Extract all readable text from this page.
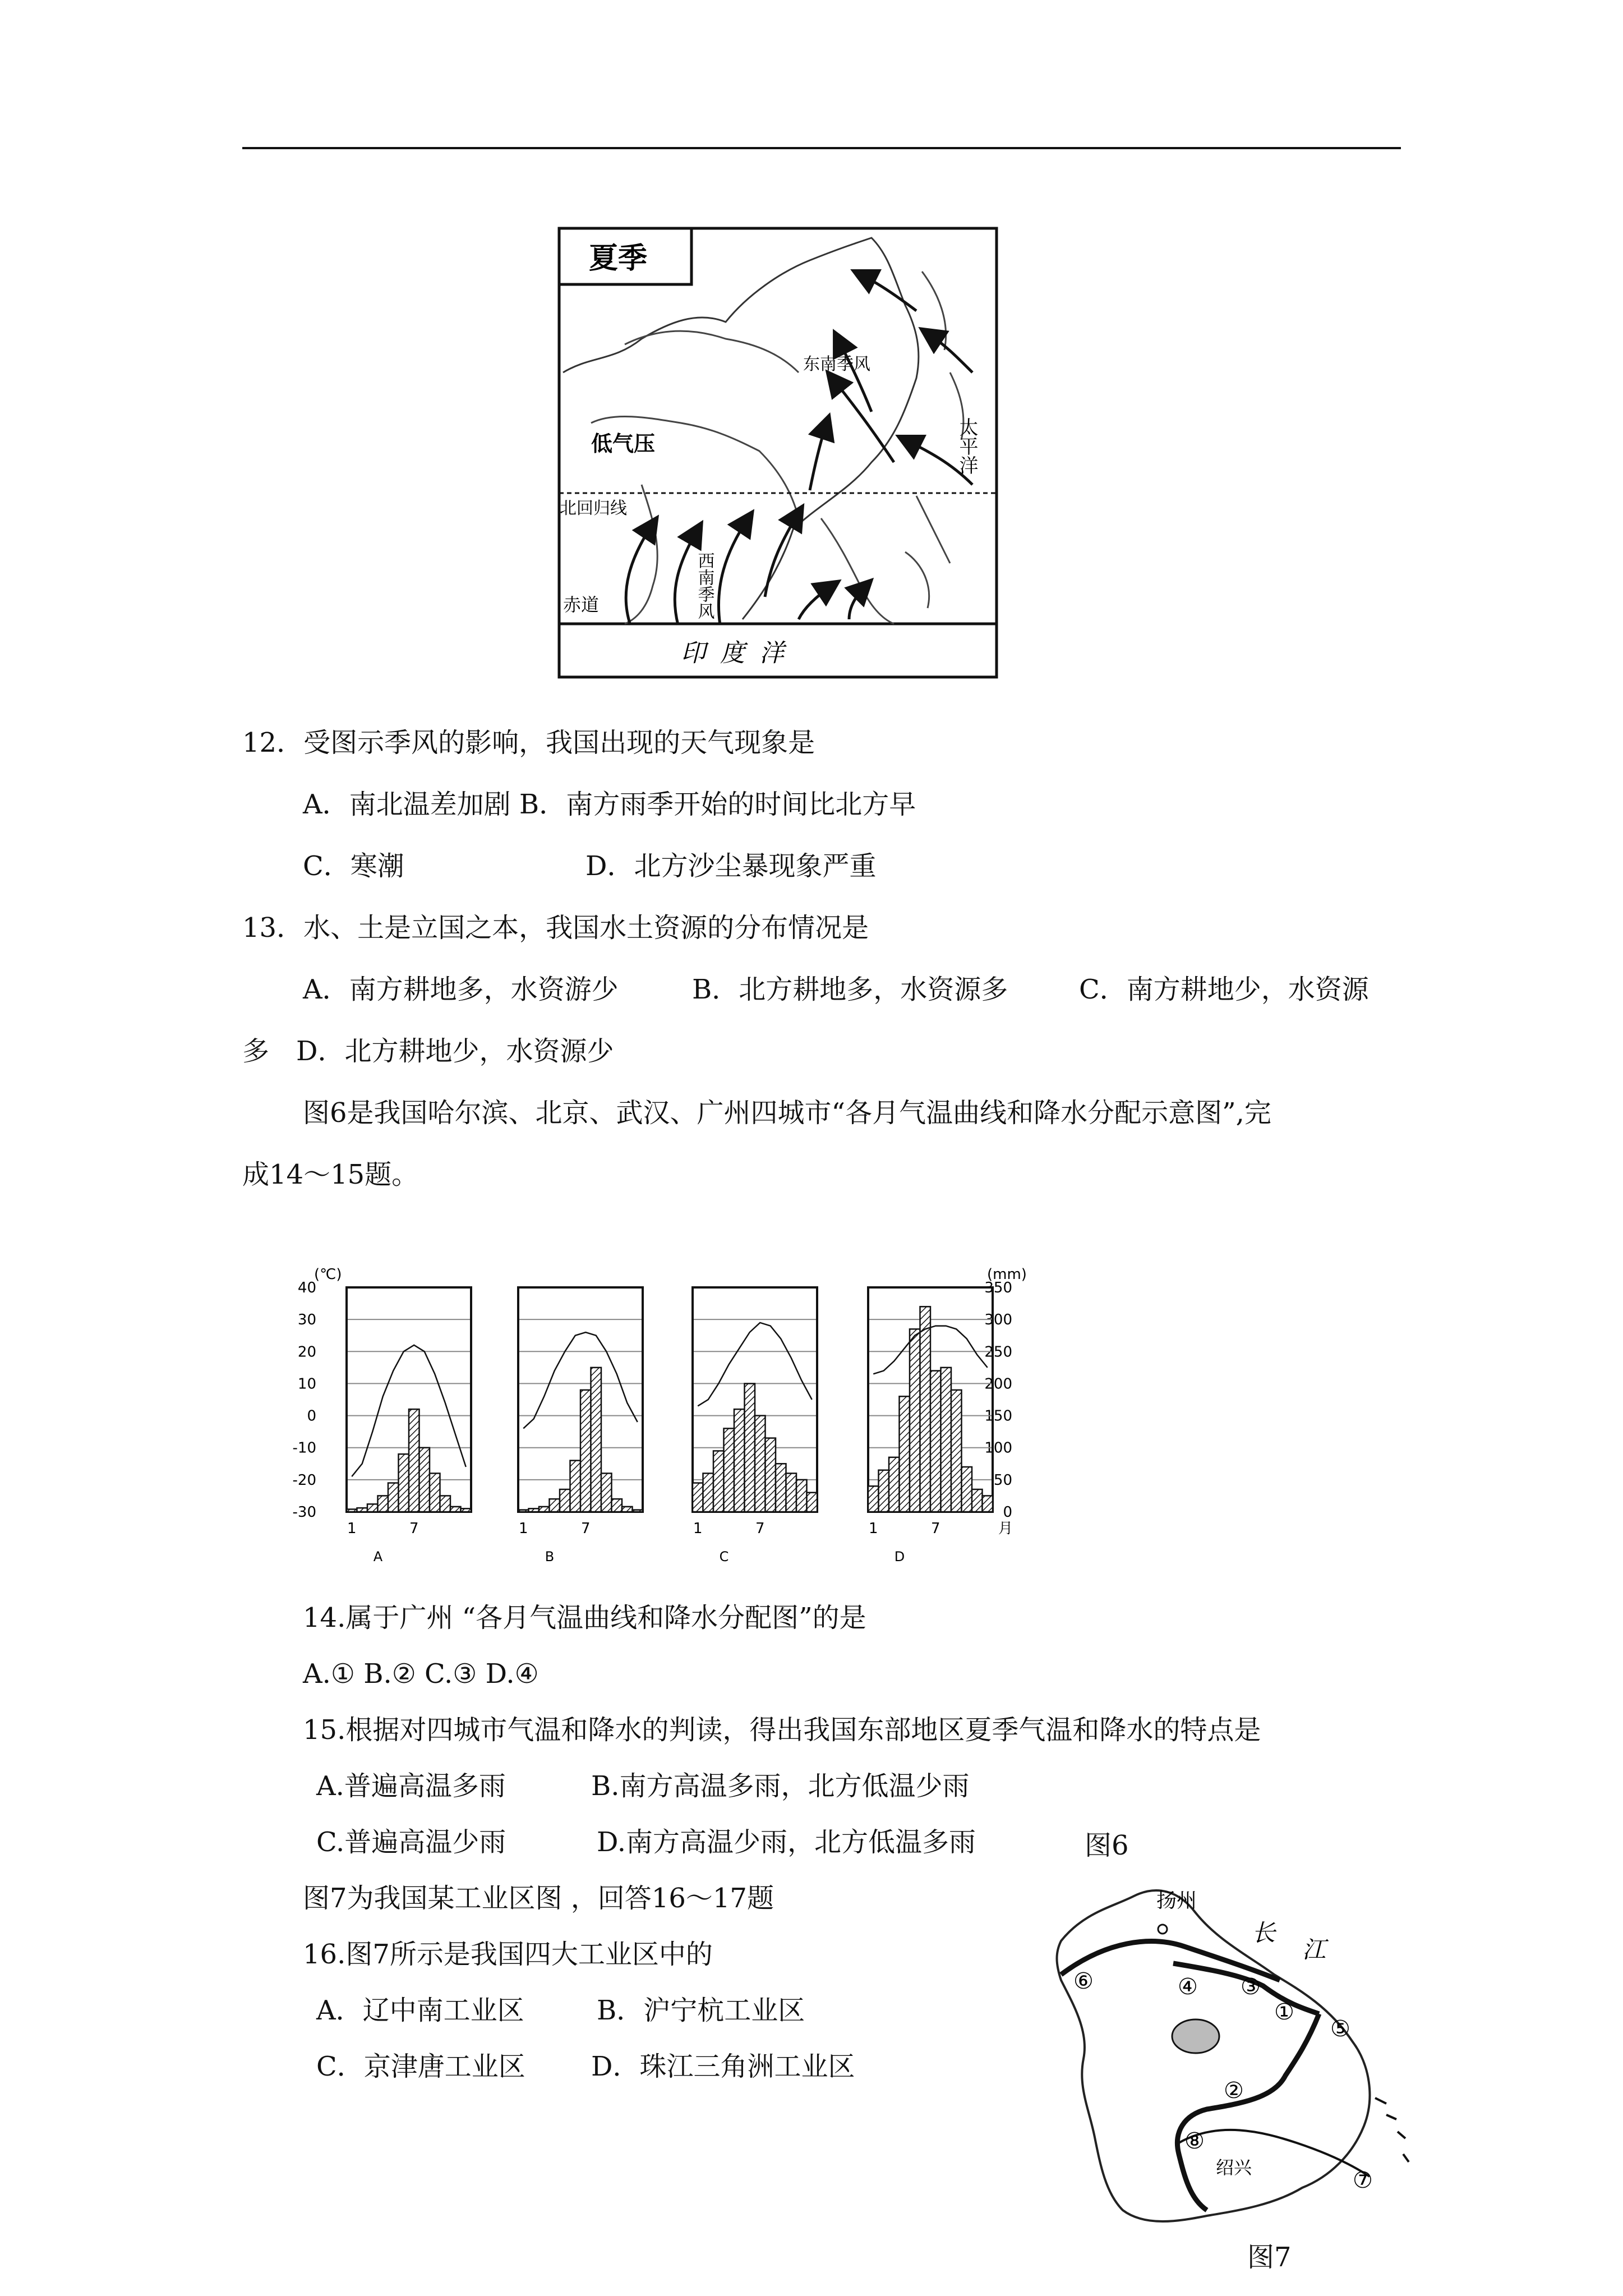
夏季
印度洋
北回归线
低气压
赤道
东南季风
西南季风
太平洋
12．受图示季风的影响，我国出现的天气现象是
A．南北温差加剧 B．南方雨季开始的时间比北方早
C．寒潮	D．北方沙尘暴现象严重
13．水、土是立国之本，我国水土资源的分布情况是
A．南方耕地多，水资游少	B．北方耕地多，水资源多	C．南方耕地少，水资源
多　D．北方耕地少，水资源少
图6是我国哈尔滨、北京、武汉、广州四城市“各月气温曲线和降水分配示意图”,完
成14～15题。
(℃)	(mm)
40
30
20
10
0
-10
-20
-30
350
300
250
200
150
100
50
0
1	7
A
1	7
B
1	7
C
1	7	月
D
14.属于广州 “各月气温曲线和降水分配图”的是
A.① B.② C.③ D.④
15.根据对四城市气温和降水的判读，得出我国东部地区夏季气温和降水的特点是
A.普遍高温多雨	B.南方高温多雨，北方低温少雨
C.普遍高温少雨	D.南方高温少雨，北方低温多雨	图6
图7为我国某工业区图 ，回答16～17题
16.图7所示是我国四大工业区中的
A．辽中南工业区	B．沪宁杭工业区
C．京津唐工业区 D．珠江三角洲工业区
扬州
长
江
绍兴
①
②
③
④
⑤
⑥
⑦
⑧
图7
